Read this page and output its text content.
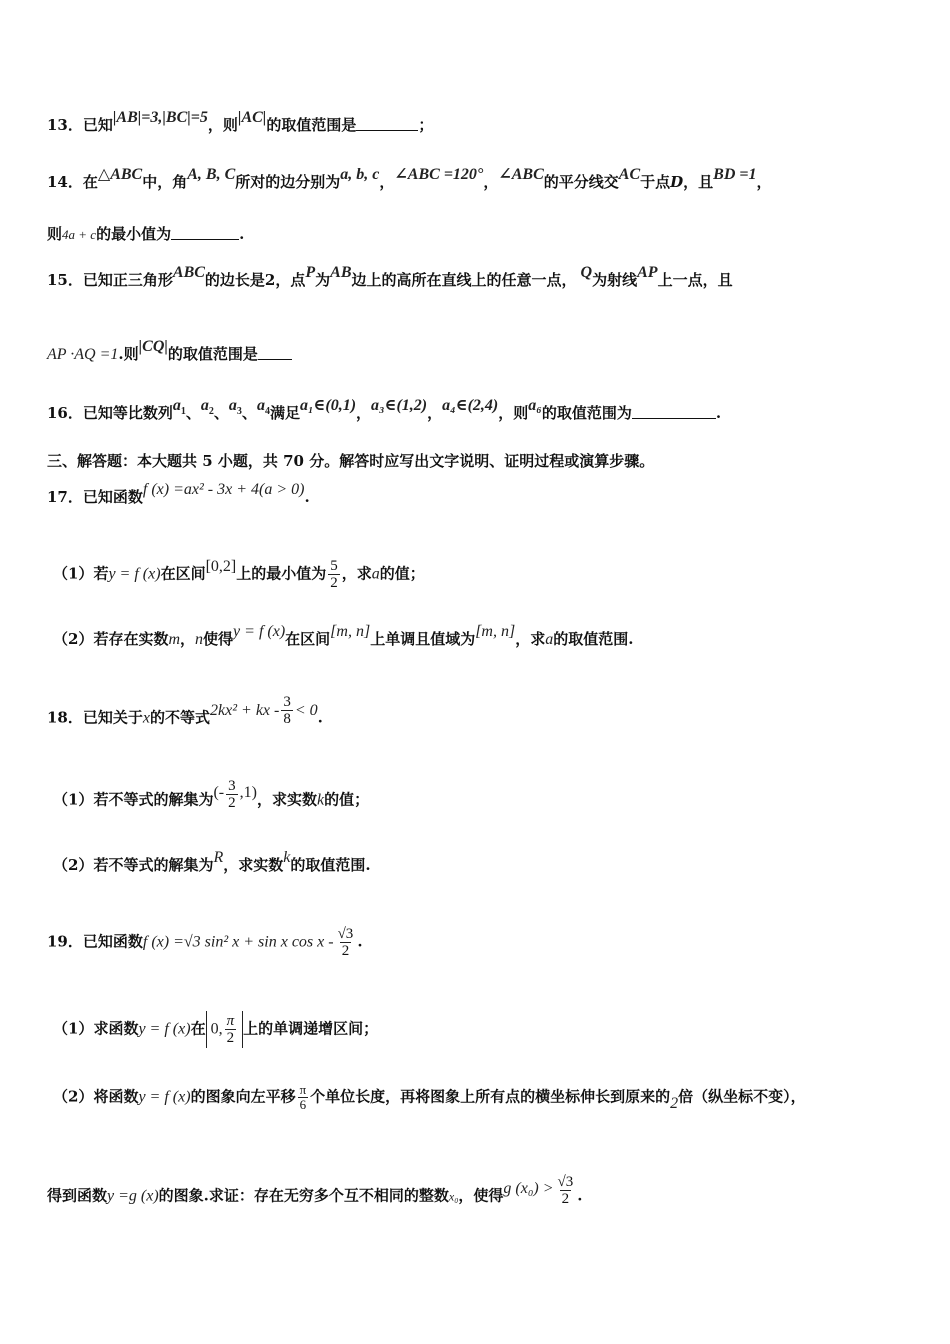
13．已知|AB|=3,|BC|=5，则|AC|的取值范围是	；
14．在△ABC中，角A, B, C所对的边分别为a, b, c，∠ABC =120°，∠ABC的平分线交AC于点D，且BD =1，
则4a + c的最小值为	.
15．已知正三角形ABC的边长是2，点P为AB边上的高所在直线上的任意一点， Q为射线AP上一点，且
AP ·AQ =1.则|CQ|的取值范围是
16．已知等比数列$a_1$、$a_2$、$a_3$、$a_4$满足a₁∈(0,1)，a₃∈(1,2)，a₄∈(2,4)，则a₆的取值范围为	.
三、解答题：本大题共 5 小题，共 70 分。解答时应写出文字说明、证明过程或演算步骤。
17．已知函数f (x) =ax² - 3x + 4(a > 0).
（1）若y = f (x)在区间[0,2]上的最小值为 $\frac{5}{2}$ ，求a的值；
（2）若存在实数m，n使得y = f (x)在区间[m, n]上单调且值域为[m, n]，求a的取值范围.
18．已知关于x的不等式2kx² + kx - $\frac{3}{8} < 0$.
（1）若不等式的解集为(- $\frac{3}{2} ,1$)，求实数k的值；
（2）若不等式的解集为R，求实数k的取值范围.
19．已知函数f (x) =√3 sin² x + sin x cos x - $\frac{√3}{2}$ .
（1）求函数y = f (x)在 0, $\frac{\pi}{2}$ 上的单调递增区间；
（2）将函数y = f (x)的图象向左平移 $\frac{\pi}{6}$ 个单位长度，再将图象上所有点的横坐标伸长到原来的2倍（纵坐标不变），
得到函数y =g (x)的图象.求证：存在无穷多个互不相同的整数x₀，使得g $(x_0) > \frac{√3}{2}$ .
